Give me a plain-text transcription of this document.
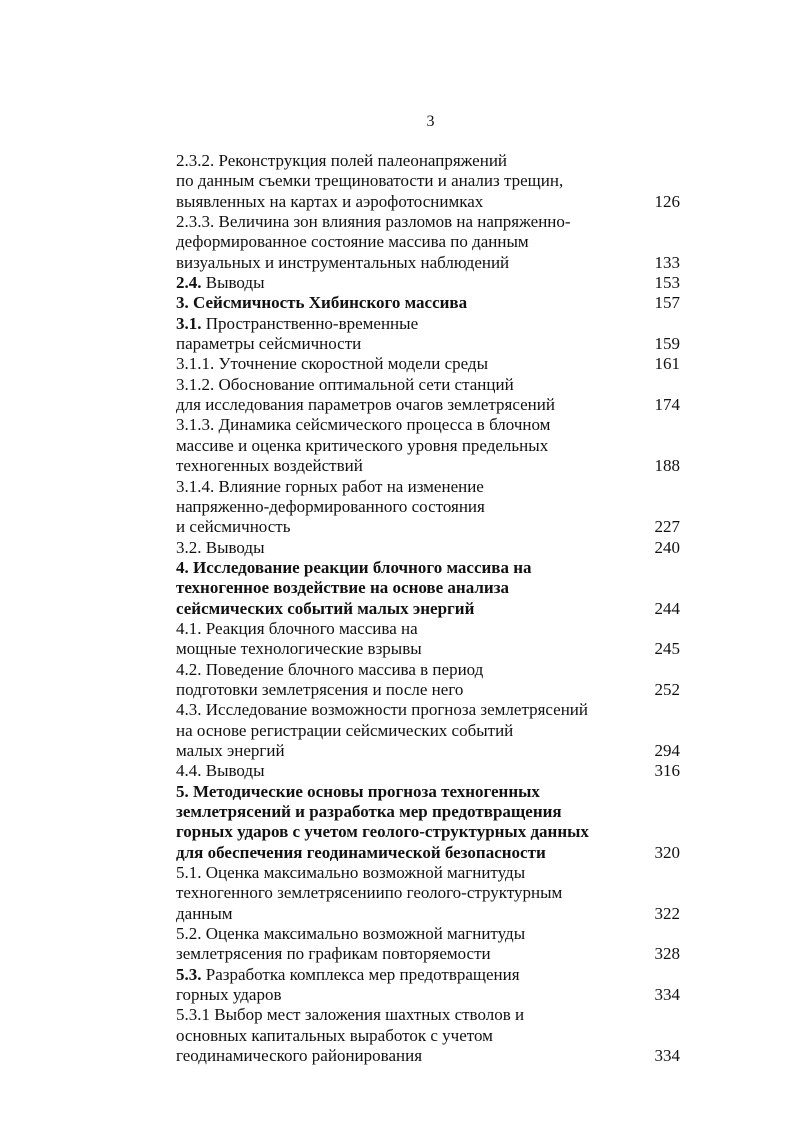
3
2.3.2. Реконструкция полей палеонапряжений
по данным съемки трещиноватости и анализ трещин,
выявленных на картах и аэрофотоснимках	126
2.3.3. Величина зон влияния разломов на напряженно-
деформированное состояние массива по данным
визуальных и инструментальных наблюдений	133
2.4. Выводы	153
3. Сейсмичность Хибинского массива	157
3.1. Пространственно-временные
параметры сейсмичности	159
3.1.1. Уточнение скоростной модели среды	161
3.1.2. Обоснование оптимальной сети станций
для исследования параметров очагов землетрясений	174
3.1.3. Динамика сейсмического процесса в блочном
массиве и оценка критического уровня предельных
техногенных воздействий	188
3.1.4. Влияние горных работ на изменение
напряженно-деформированного состояния
и сейсмичность	227
3.2. Выводы	240
4. Исследование реакции блочного массива на
техногенное воздействие на основе анализа
сейсмических событий малых энергий	244
4.1. Реакция блочного массива на
мощные технологические взрывы	245
4.2. Поведение блочного массива в период
подготовки землетрясения и после него	252
4.3. Исследование возможности прогноза землетрясений
на основе регистрации сейсмических событий
малых энергий	294
4.4. Выводы	316
5. Методические основы прогноза техногенных
землетрясений и разработка мер предотвращения
горных ударов с учетом геолого-структурных данных
для обеспечения геодинамической безопасности	320
5.1. Оценка максимально возможной магнитуды
техногенного землетрясениипо геолого-структурным
данным	322
5.2. Оценка максимально возможной магнитуды
землетрясения по графикам повторяемости	328
5.3. Разработка комплекса мер предотвращения
горных ударов	334
5.3.1 Выбор мест заложения шахтных стволов и
основных капитальных выработок с учетом
геодинамического районирования	334
